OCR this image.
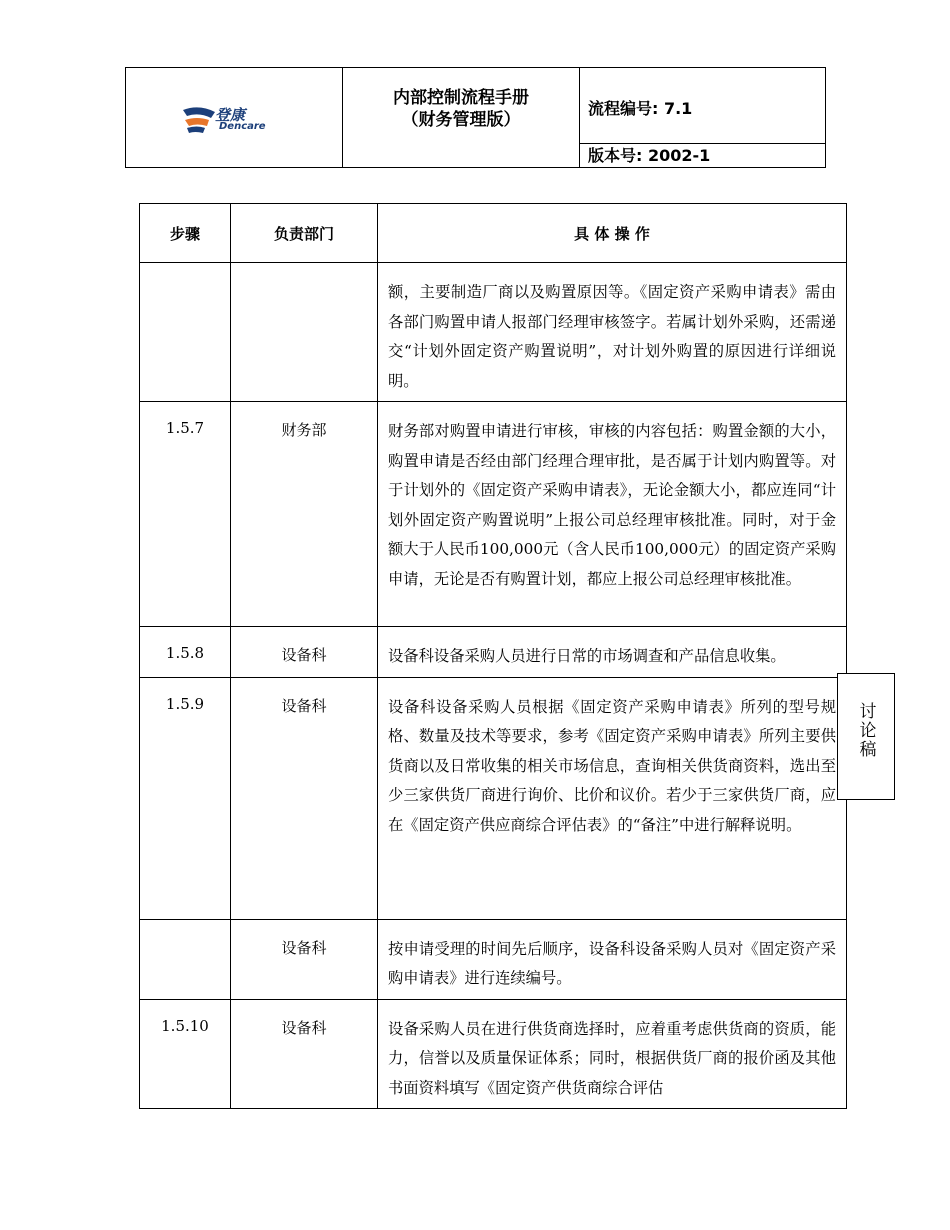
登康
Dencare
内部控制流程手册
（财务管理版）
流程编号: 7.1
版本号: 2002-1
步骤	负责部门	具 体 操 作
		额，主要制造厂商以及购置原因等。《固定资产采购申请表》需由各部门购置申请人报部门经理审核签字。若属计划外采购，还需递交“计划外固定资产购置说明”，对计划外购置的原因进行详细说明。
1.5.7	财务部	财务部对购置申请进行审核，审核的内容包括：购置金额的大小，购置申请是否经由部门经理合理审批，是否属于计划内购置等。对于计划外的《固定资产采购申请表》，无论金额大小，都应连同“计划外固定资产购置说明”上报公司总经理审核批准。同时，对于金额大于人民币100,000元（含人民币100,000元）的固定资产采购申请，无论是否有购置计划，都应上报公司总经理审核批准。
1.5.8	设备科	设备科设备采购人员进行日常的市场调查和产品信息收集。
1.5.9	设备科	设备科设备采购人员根据《固定资产采购申请表》所列的型号规格、数量及技术等要求，参考《固定资产采购申请表》所列主要供货商以及日常收集的相关市场信息，查询相关供货商资料，选出至少三家供货厂商进行询价、比价和议价。若少于三家供货厂商，应在《固定资产供应商综合评估表》的“备注”中进行解释说明。
	设备科	按申请受理的时间先后顺序，设备科设备采购人员对《固定资产采购申请表》进行连续编号。
1.5.10	设备科	设备采购人员在进行供货商选择时，应着重考虑供货商的资质，能力，信誉以及质量保证体系；同时，根据供货厂商的报价函及其他书面资料填写《固定资产供货商综合评估
讨论稿
